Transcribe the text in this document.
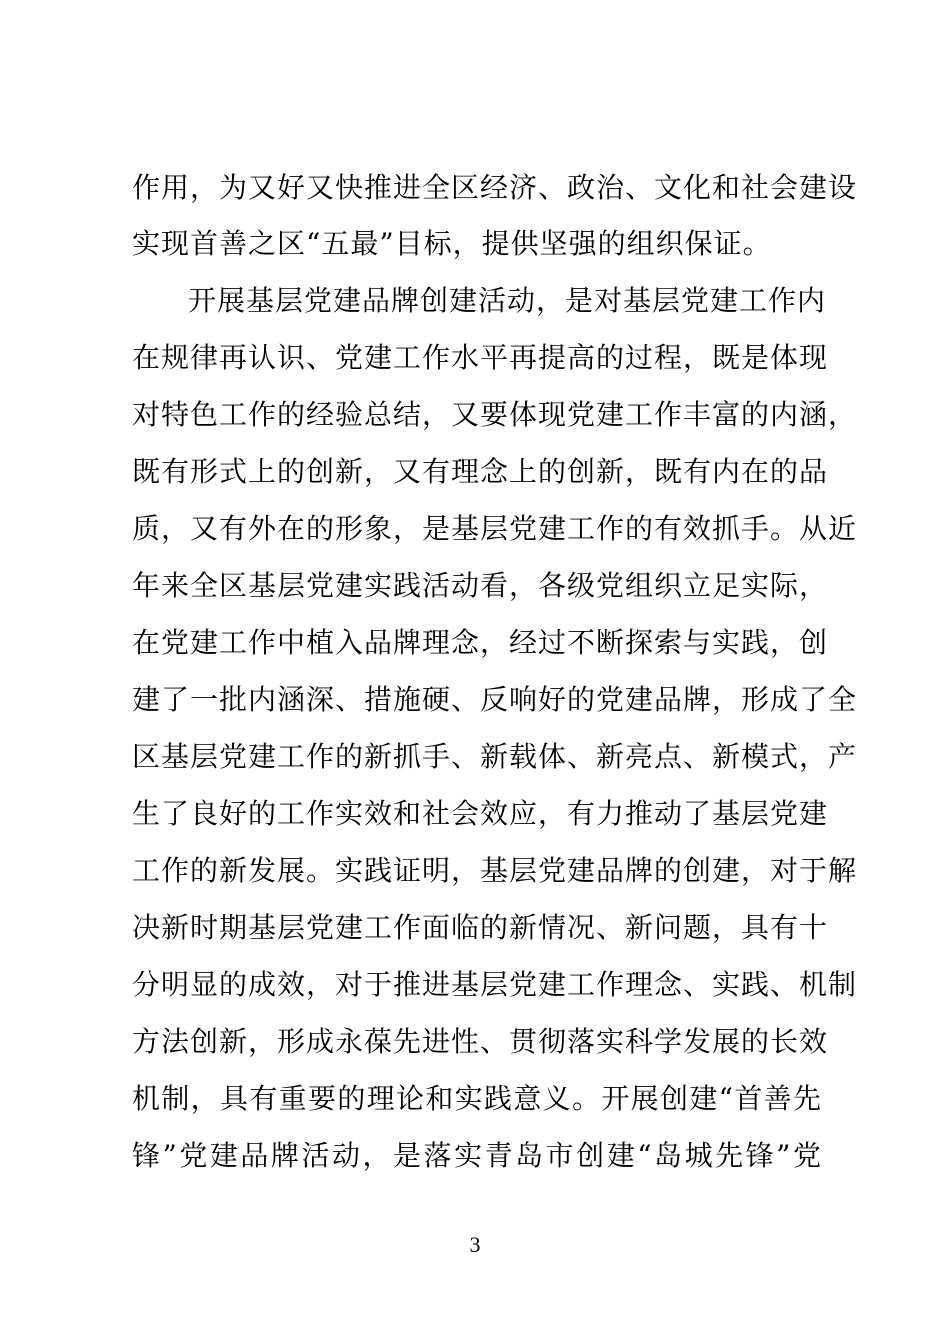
作用，为又好又快推进全区经济、政治、文化和社会建设
实现首善之区“五最”目标，提供坚强的组织保证。
开展基层党建品牌创建活动，是对基层党建工作内
在规律再认识、党建工作水平再提高的过程，既是体现
对特色工作的经验总结，又要体现党建工作丰富的内涵，
既有形式上的创新，又有理念上的创新，既有内在的品
质，又有外在的形象，是基层党建工作的有效抓手。从近
年来全区基层党建实践活动看，各级党组织立足实际，
在党建工作中植入品牌理念，经过不断探索与实践，创
建了一批内涵深、措施硬、反响好的党建品牌，形成了全
区基层党建工作的新抓手、新载体、新亮点、新模式，产
生了良好的工作实效和社会效应，有力推动了基层党建
工作的新发展。实践证明，基层党建品牌的创建，对于解
决新时期基层党建工作面临的新情况、新问题，具有十
分明显的成效，对于推进基层党建工作理念、实践、机制
方法创新，形成永葆先进性、贯彻落实科学发展的长效
机制，具有重要的理论和实践意义。开展创建“首善先
锋”党建品牌活动，是落实青岛市创建“岛城先锋”党
3
